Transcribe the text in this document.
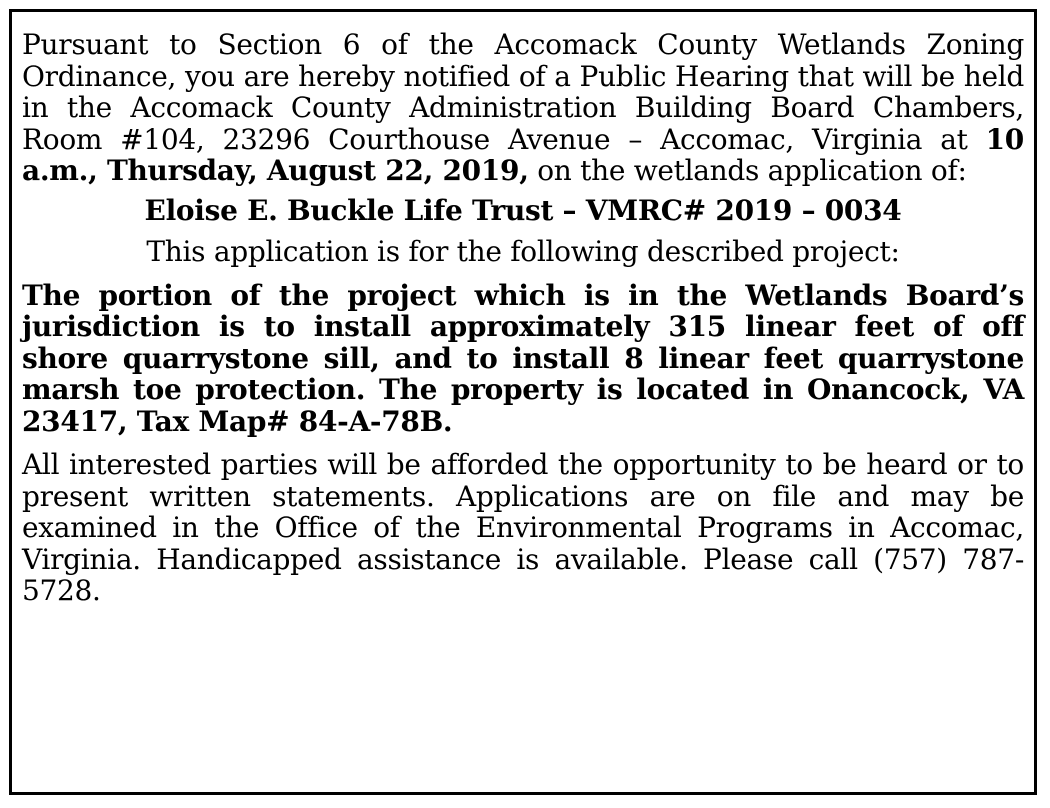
Pursuant to Section 6 of the Accomack County Wetlands Zoning Ordinance, you are hereby notified of a Public Hearing that will be held in the Accomack County Administration Building Board Chambers, Room #104, 23296 Courthouse Avenue – Accomac, Virginia at 10 a.m., Thursday, August 22, 2019, on the wetlands application of:

Eloise E. Buckle Life Trust – VMRC# 2019 – 0034

This application is for the following described project:

The portion of the project which is in the Wetlands Board’s jurisdiction is to install approximately 315 linear feet of off shore quarrystone sill, and to install 8 linear feet quarrystone marsh toe protection. The property is located in Onancock, VA 23417, Tax Map# 84-A-78B.

All interested parties will be afforded the opportunity to be heard or to present written statements. Applications are on file and may be examined in the Office of the Environmental Programs in Accomac, Virginia. Handicapped assistance is available. Please call (757) 787-5728.
